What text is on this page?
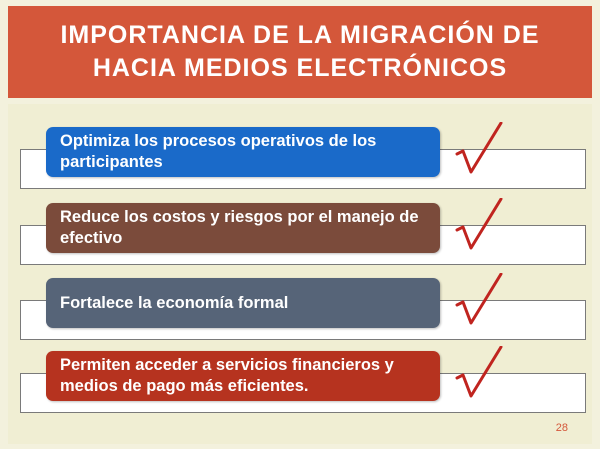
IMPORTANCIA DE LA MIGRACIÓN DE
HACIA MEDIOS ELECTRÓNICOS
Optimiza los procesos operativos de los participantes
Reduce los costos y riesgos por el manejo de efectivo
Fortalece la economía formal
Permiten acceder a servicios financieros y medios de pago más eficientes.
28
